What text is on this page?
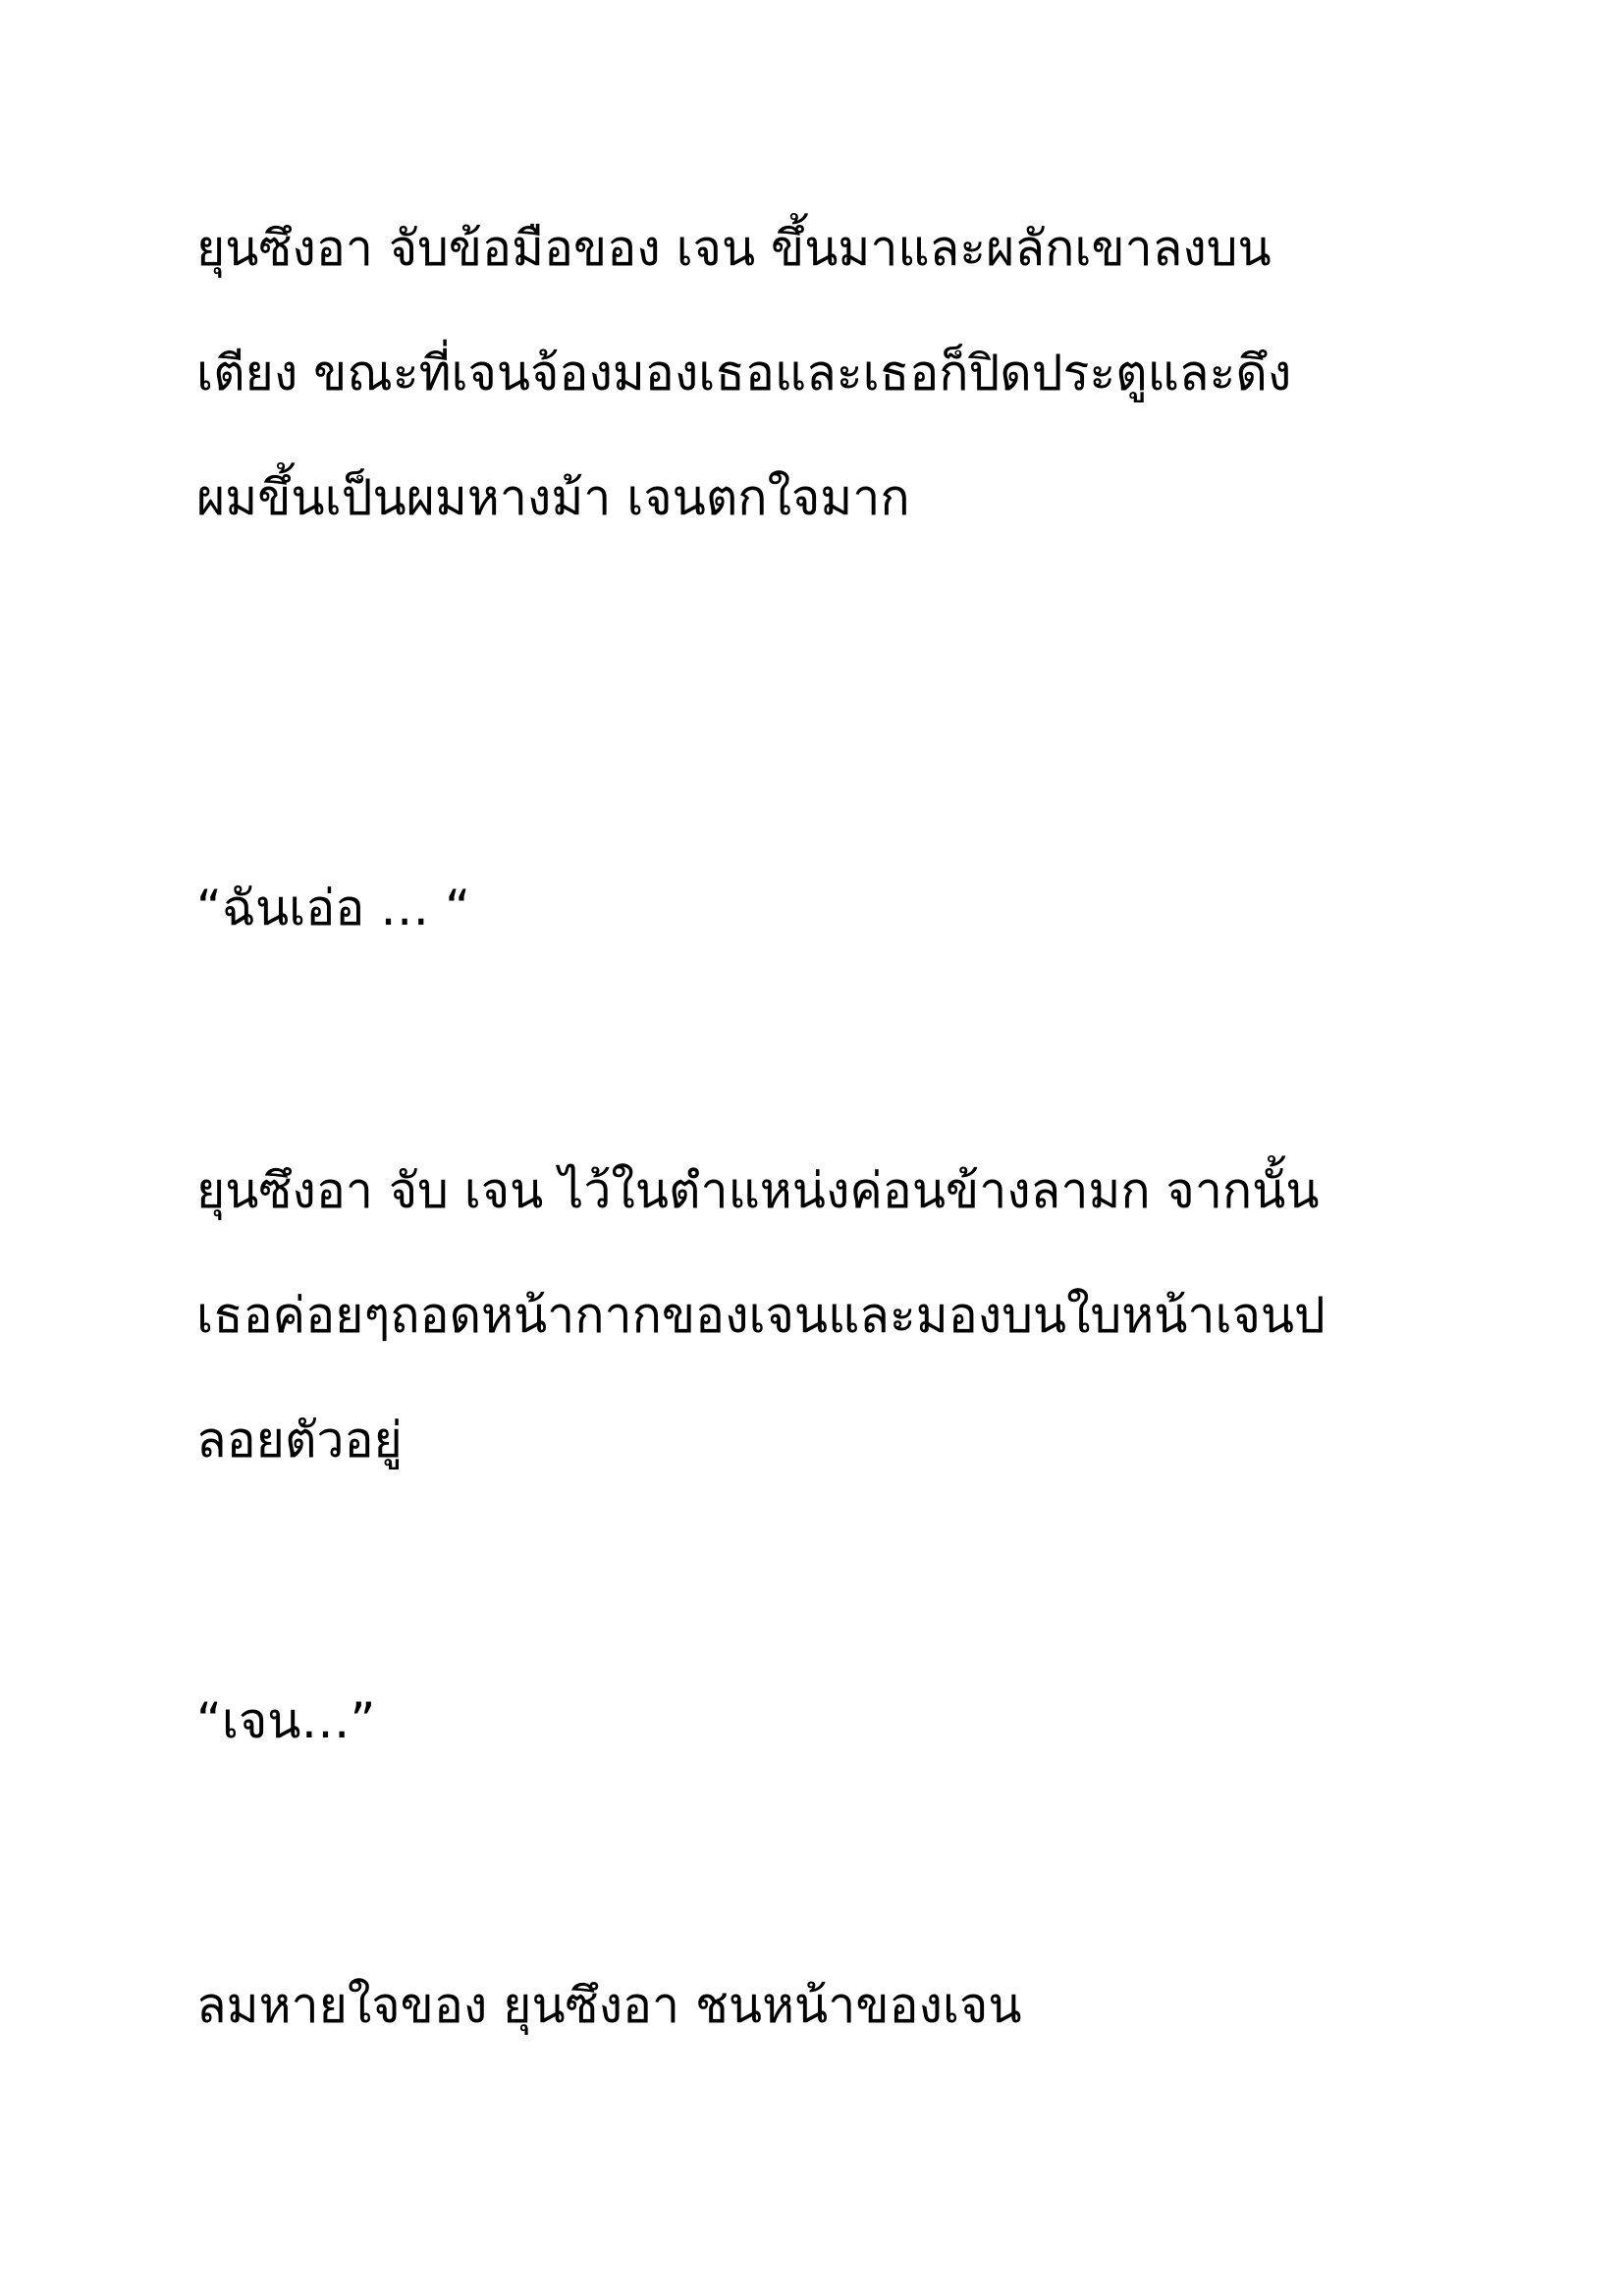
ยุนซึงอา จับข้อมือของ เจน ขึ้นมาและผลักเขาลงบน

เตียง ขณะที่เจนจ้องมองเธอและเธอก็ปิดประตูและดึง

ผมขึ้นเป็นผมหางม้า เจนตกใจมาก

“ฉันเอ่อ … “

ยุนซึงอา จับ เจน ไว้ในตำแหน่งค่อนข้างลามก จากนั้น

เธอค่อยๆถอดหน้ากากของเจนและมองบนใบหน้าเจนป

ลอยตัวอยู่

“เจน…”

ลมหายใจของ ยุนซึงอา ชนหน้าของเจน
